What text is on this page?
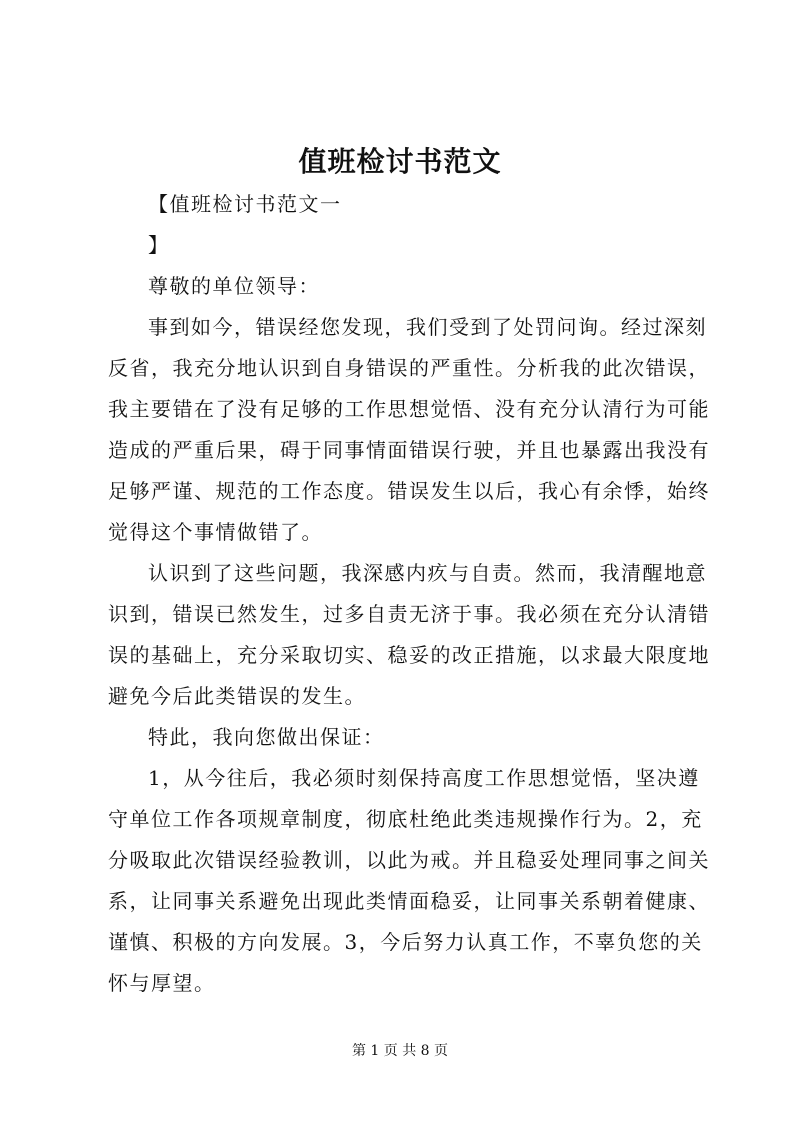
值班检讨书范文

【值班检讨书范文一

】

尊敬的单位领导：

事到如今，错误经您发现，我们受到了处罚问询。经过深刻

反省，我充分地认识到自身错误的严重性。分析我的此次错误，

我主要错在了没有足够的工作思想觉悟、没有充分认清行为可能

造成的严重后果，碍于同事情面错误行驶，并且也暴露出我没有

足够严谨、规范的工作态度。错误发生以后，我心有余悸，始终

觉得这个事情做错了。

认识到了这些问题，我深感内疚与自责。然而，我清醒地意

识到，错误已然发生，过多自责无济于事。我必须在充分认清错

误的基础上，充分采取切实、稳妥的改正措施，以求最大限度地

避免今后此类错误的发生。

特此，我向您做出保证：

1，从今往后，我必须时刻保持高度工作思想觉悟，坚决遵

守单位工作各项规章制度，彻底杜绝此类违规操作行为。2，充

分吸取此次错误经验教训，以此为戒。并且稳妥处理同事之间关

系，让同事关系避免出现此类情面稳妥，让同事关系朝着健康、

谨慎、积极的方向发展。3，今后努力认真工作，不辜负您的关

怀与厚望。

第 1 页 共 8 页
